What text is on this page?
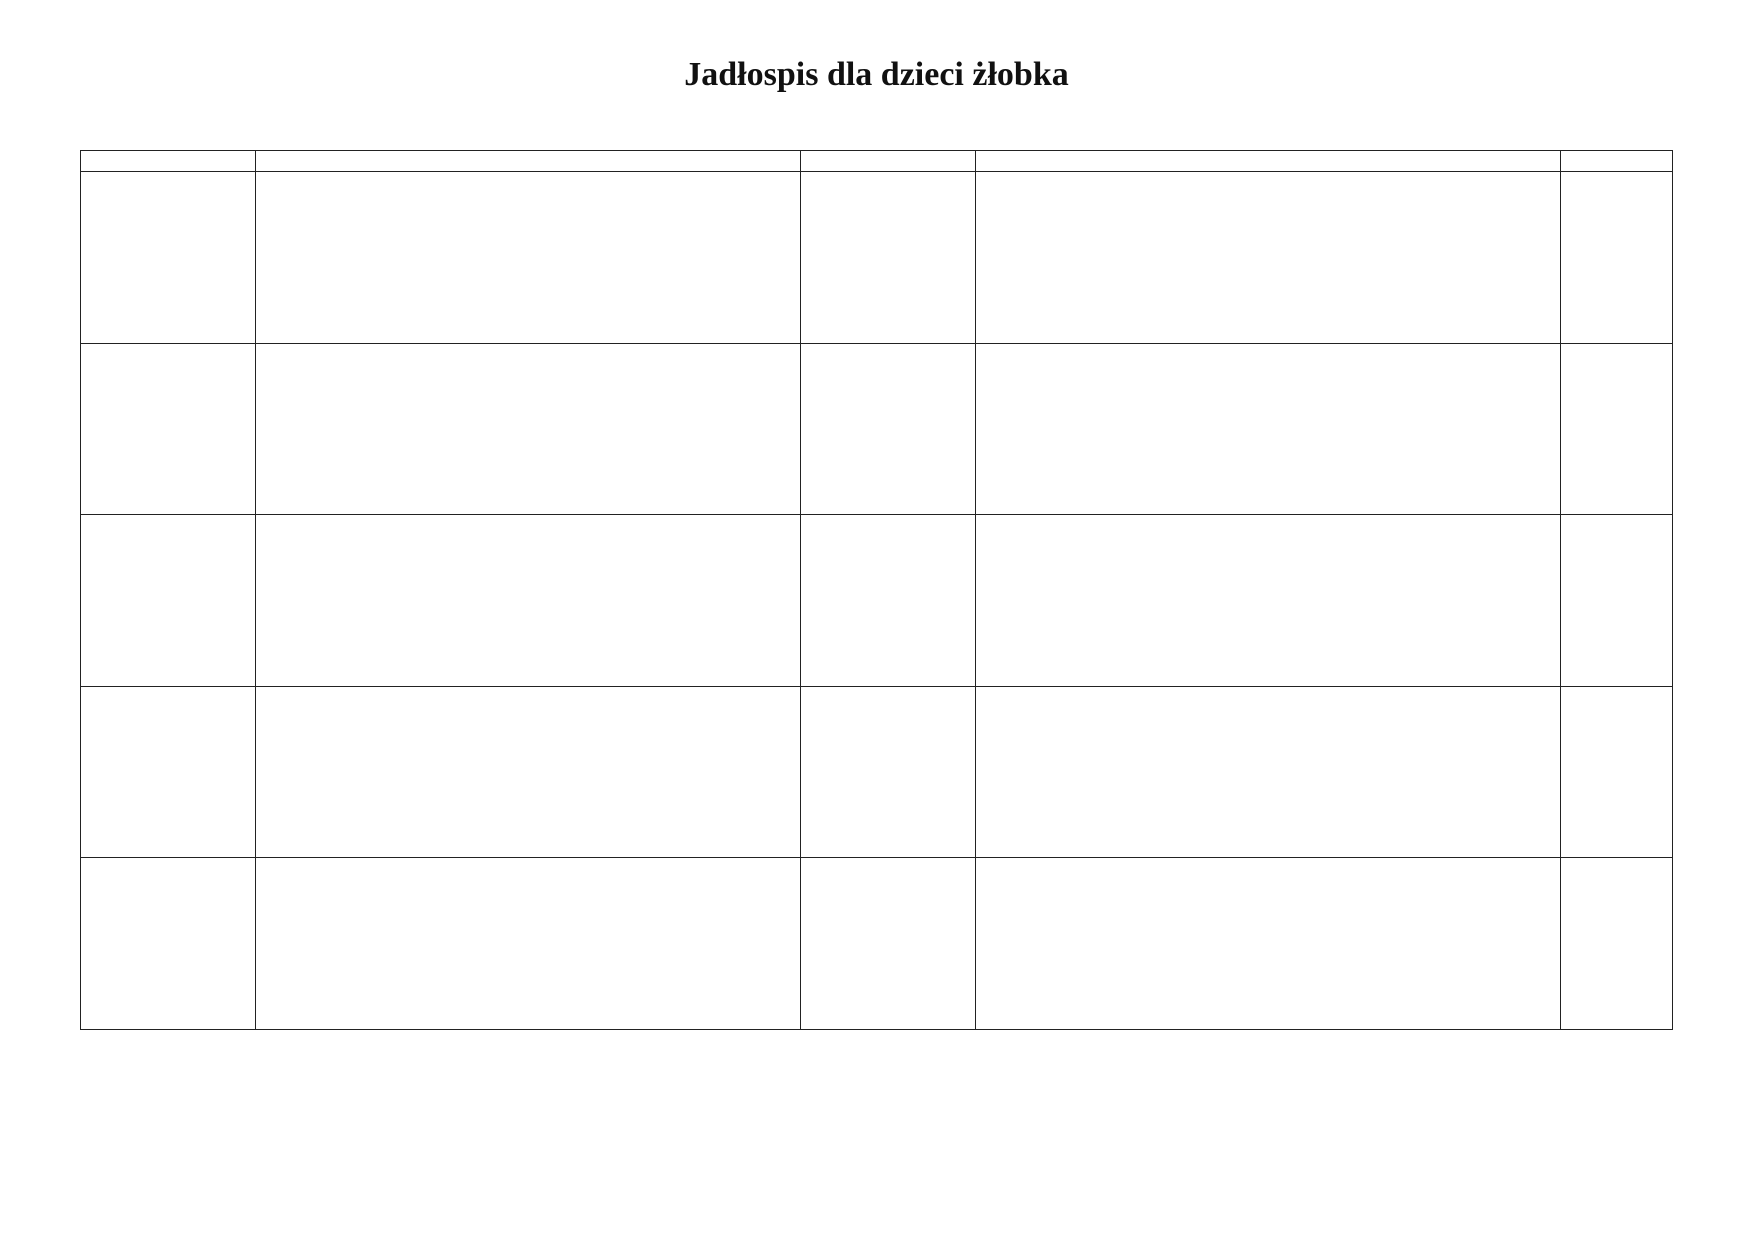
Jadłospis dla dzieci żłobka
